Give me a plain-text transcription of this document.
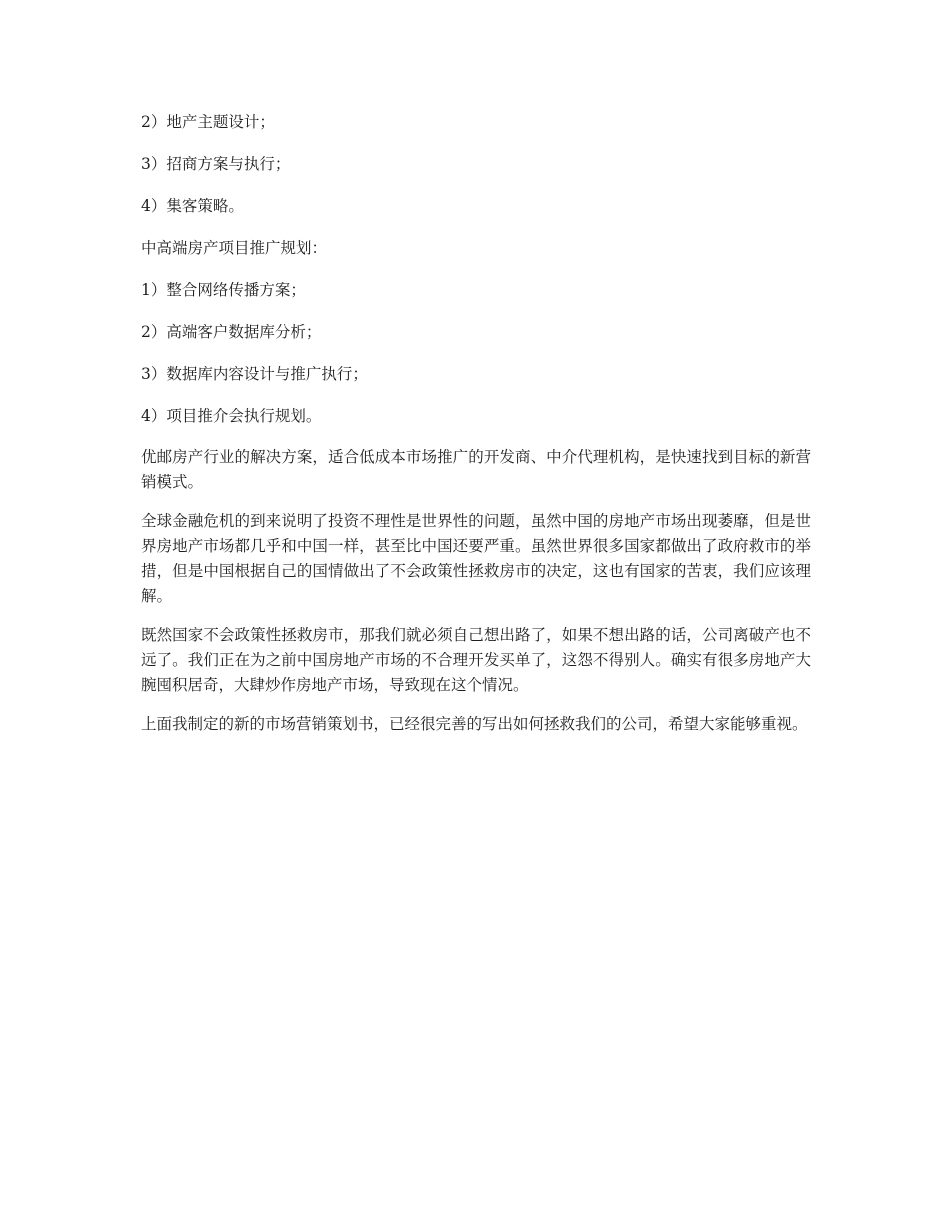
2）地产主题设计；

3）招商方案与执行；

4）集客策略。

中高端房产项目推广规划：

1）整合网络传播方案；

2）高端客户数据库分析；

3）数据库内容设计与推广执行；

4）项目推介会执行规划。

优邮房产行业的解决方案，适合低成本市场推广的开发商、中介代理机构，是快速找到目标的新营销模式。

全球金融危机的到来说明了投资不理性是世界性的问题，虽然中国的房地产市场出现萎靡，但是世界房地产市场都几乎和中国一样，甚至比中国还要严重。虽然世界很多国家都做出了政府救市的举措，但是中国根据自己的国情做出了不会政策性拯救房市的决定，这也有国家的苦衷，我们应该理解。

既然国家不会政策性拯救房市，那我们就必须自己想出路了，如果不想出路的话，公司离破产也不远了。我们正在为之前中国房地产市场的不合理开发买单了，这怨不得别人。确实有很多房地产大腕囤积居奇，大肆炒作房地产市场，导致现在这个情况。

上面我制定的新的市场营销策划书，已经很完善的写出如何拯救我们的公司，希望大家能够重视。
